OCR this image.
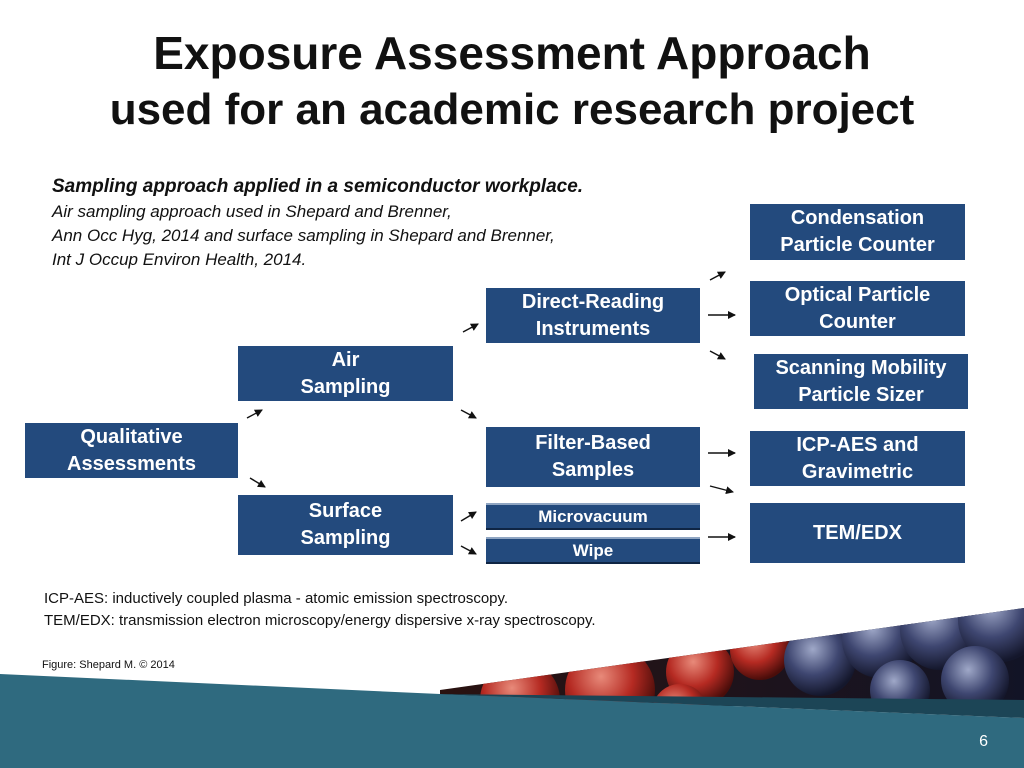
Exposure Assessment Approach
used for an academic research project
Sampling approach applied in a semiconductor workplace.
Air sampling approach used in Shepard and Brenner,
Ann Occ Hyg, 2014 and surface sampling in Shepard and Brenner,
Int J Occup Environ Health, 2014.
Qualitative
Assessments
Air
Sampling
Surface
Sampling
Direct-Reading
Instruments
Filter-Based
Samples
Microvacuum
Wipe
Condensation
Particle Counter
Optical Particle
Counter
Scanning Mobility
Particle Sizer
ICP-AES and
Gravimetric
TEM/EDX
ICP-AES: inductively coupled plasma - atomic emission spectroscopy.
TEM/EDX: transmission electron microscopy/energy dispersive x-ray spectroscopy.
Figure: Shepard M. © 2014
6
